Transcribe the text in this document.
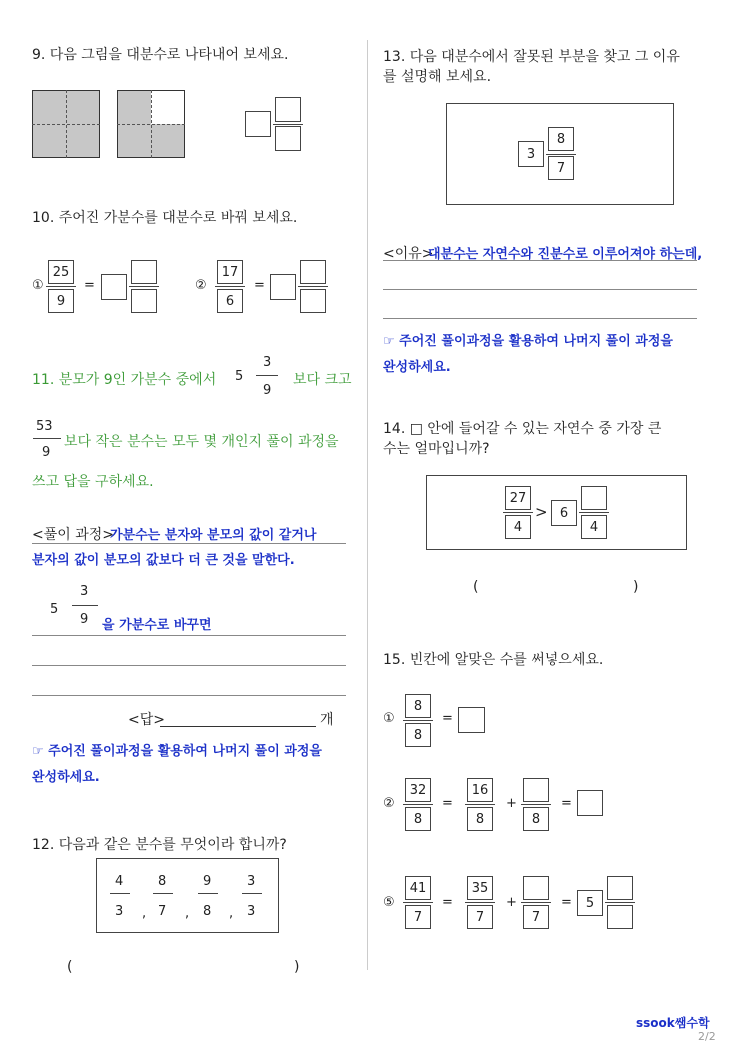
9. 다음 그림을 대분수로 나타내어 보세요.
10. 주어진 가분수를 대분수로 바꿔 보세요.
①
25
9
=	②
17
6
=
11. 분모가 9인 가분수 중에서 5
3
9
보다 크고
53
9
보다 작은 분수는 모두 몇 개인지 풀이 과정을
쓰고 답을 구하세요.
<풀이 과정>
가분수는 분자와 분모의 값이 같거나
분자의 값이 분모의 값보다 더 큰 것을 말한다.
5
3
9 을 가분수로 바꾸면
<답>	개
☞ 주어진 풀이과정을 활용하여 나머지 풀이 과정을
완성하세요.
12. 다음과 같은 분수를 무엇이라 합니까?
4
3 ,
8
7 ,
9
8 ,
3
3
(	)
13. 다음 대분수에서 잘못된 부분을 찾고 그 이유
를 설명해 보세요.
3
8
7
<이유>
대분수는 자연수와 진분수로 이루어져야 하는데,
☞ 주어진 풀이과정을 활용하여 나머지 풀이 과정을
완성하세요.
14. □ 안에 들어갈 수 있는 자연수 중 가장 큰
수는 얼마입니까?
27
4
> 6
4
(	)
15. 빈칸에 알맞은 수를 써넣으세요.
①
8
8
=
②
32
8
=
16
8
+
8
=
⑤
41
7
=
35
7
+
7
=	5
ssook쌤수학
2/2
